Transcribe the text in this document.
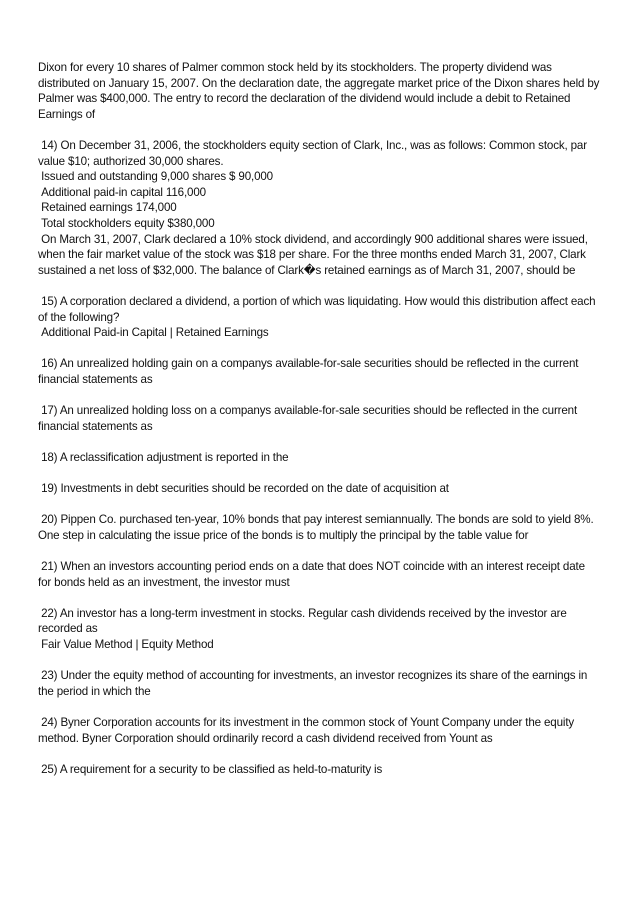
Dixon for every 10 shares of Palmer common stock held by its stockholders. The property dividend was distributed on January 15, 2007. On the declaration date, the aggregate market price of the Dixon shares held by Palmer was $400,000. The entry to record the declaration of the dividend would include a debit to Retained Earnings of
14) On December 31, 2006, the stockholders equity section of Clark, Inc., was as follows: Common stock, par value $10; authorized 30,000 shares.
Issued and outstanding 9,000 shares $ 90,000
Additional paid-in capital 116,000
Retained earnings 174,000
Total stockholders equity $380,000
On March 31, 2007, Clark declared a 10% stock dividend, and accordingly 900 additional shares were issued, when the fair market value of the stock was $18 per share. For the three months ended March 31, 2007, Clark sustained a net loss of $32,000. The balance of Clark�s retained earnings as of March 31, 2007, should be
15) A corporation declared a dividend, a portion of which was liquidating. How would this distribution affect each of the following?
Additional Paid-in Capital | Retained Earnings
16) An unrealized holding gain on a companys available-for-sale securities should be reflected in the current financial statements as
17) An unrealized holding loss on a companys available-for-sale securities should be reflected in the current financial statements as
18) A reclassification adjustment is reported in the
19) Investments in debt securities should be recorded on the date of acquisition at
20) Pippen Co. purchased ten-year, 10% bonds that pay interest semiannually. The bonds are sold to yield 8%. One step in calculating the issue price of the bonds is to multiply the principal by the table value for
21) When an investors accounting period ends on a date that does NOT coincide with an interest receipt date for bonds held as an investment, the investor must
22) An investor has a long-term investment in stocks. Regular cash dividends received by the investor are recorded as
Fair Value Method | Equity Method
23) Under the equity method of accounting for investments, an investor recognizes its share of the earnings in the period in which the
24) Byner Corporation accounts for its investment in the common stock of Yount Company under the equity method. Byner Corporation should ordinarily record a cash dividend received from Yount as
25) A requirement for a security to be classified as held-to-maturity is
